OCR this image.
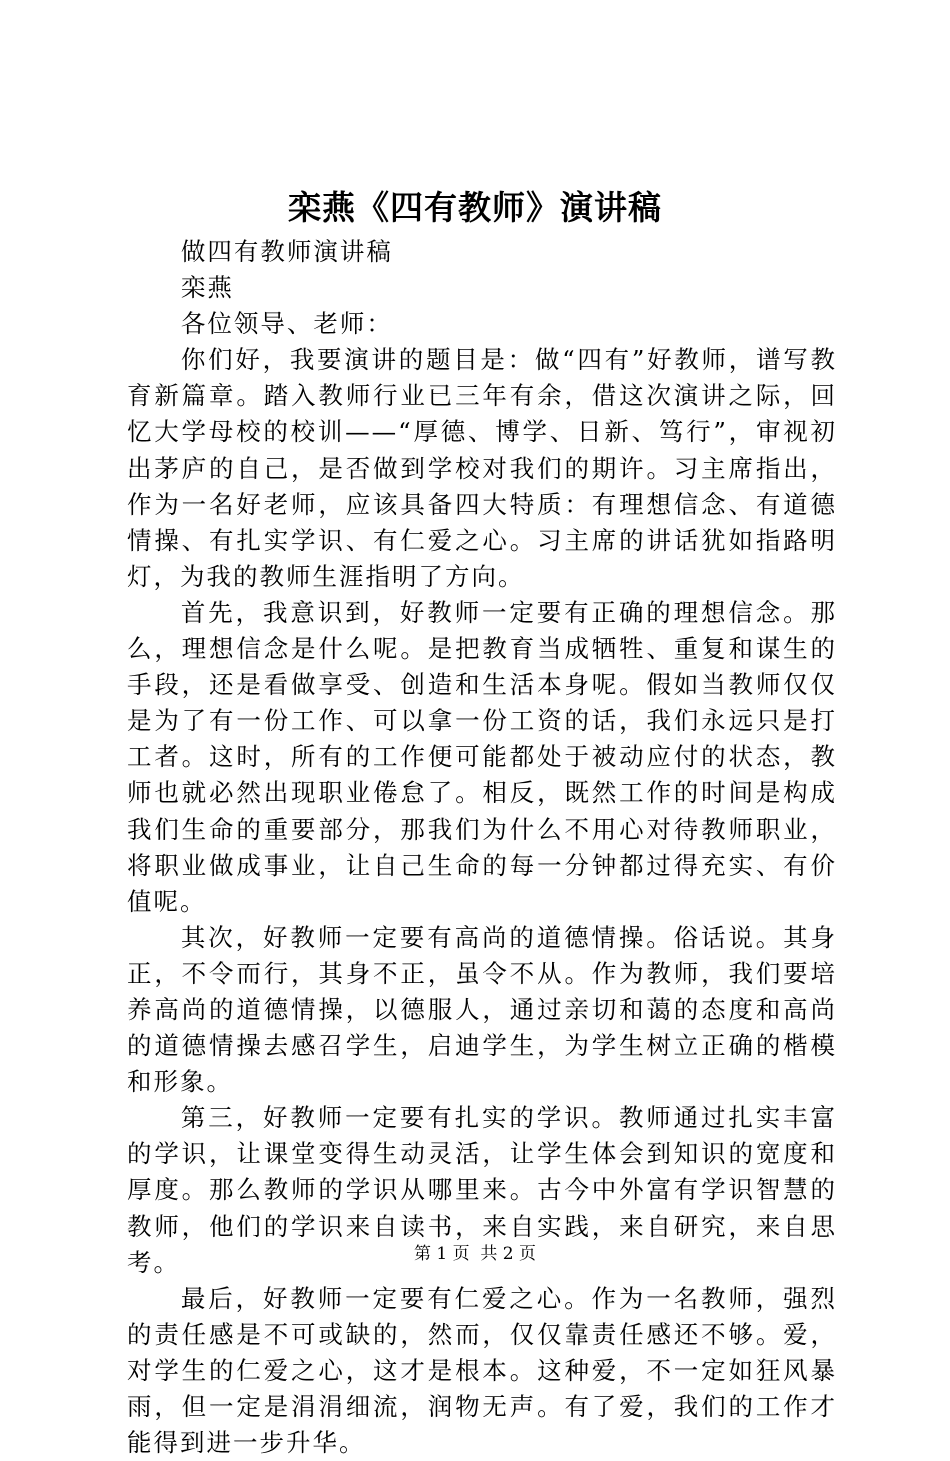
栾燕《四有教师》演讲稿

做四有教师演讲稿

栾燕

各位领导、老师：

你们好，我要演讲的题目是：做“四有”好教师，谱写教育新篇章。踏入教师行业已三年有余，借这次演讲之际，回忆大学母校的校训——“厚德、博学、日新、笃行”，审视初出茅庐的自己，是否做到学校对我们的期许。习主席指出，作为一名好老师，应该具备四大特质：有理想信念、有道德情操、有扎实学识、有仁爱之心。习主席的讲话犹如指路明灯，为我的教师生涯指明了方向。

首先，我意识到，好教师一定要有正确的理想信念。那么，理想信念是什么呢。是把教育当成牺牲、重复和谋生的手段，还是看做享受、创造和生活本身呢。假如当教师仅仅是为了有一份工作、可以拿一份工资的话，我们永远只是打工者。这时，所有的工作便可能都处于被动应付的状态，教师也就必然出现职业倦怠了。相反，既然工作的时间是构成我们生命的重要部分，那我们为什么不用心对待教师职业，将职业做成事业，让自己生命的每一分钟都过得充实、有价值呢。

其次，好教师一定要有高尚的道德情操。俗话说。其身正，不令而行，其身不正，虽令不从。作为教师，我们要培养高尚的道德情操，以德服人，通过亲切和蔼的态度和高尚的道德情操去感召学生，启迪学生，为学生树立正确的楷模和形象。

第三，好教师一定要有扎实的学识。教师通过扎实丰富的学识，让课堂变得生动灵活，让学生体会到知识的宽度和厚度。那么教师的学识从哪里来。古今中外富有学识智慧的教师，他们的学识来自读书，来自实践，来自研究，来自思考。

最后，好教师一定要有仁爱之心。作为一名教师，强烈的责任感是不可或缺的，然而，仅仅靠责任感还不够。爱，对学生的仁爱之心，这才是根本。这种爱，不一定如狂风暴雨，但一定是涓涓细流，润物无声。有了爱，我们的工作才能得到进一步升华。

第 1 页  共 2 页
